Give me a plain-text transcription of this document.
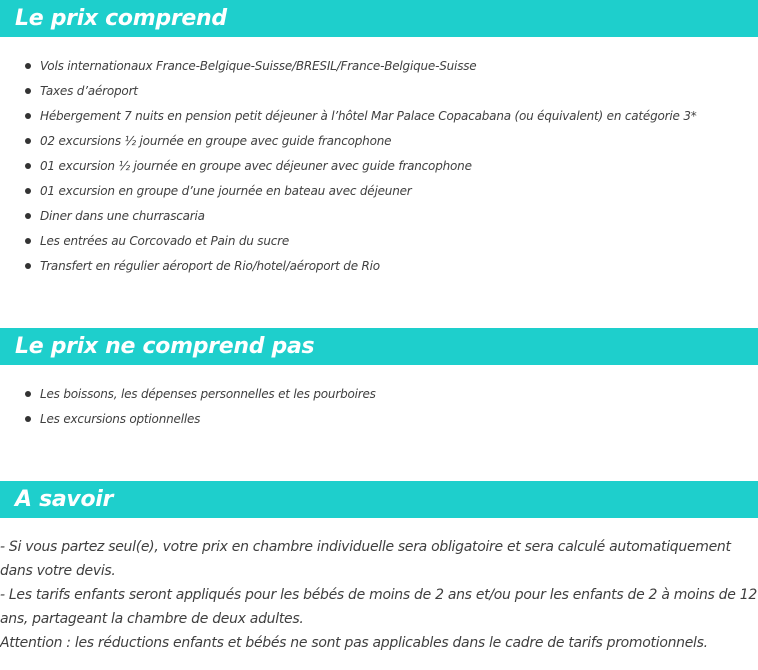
Le prix comprend
Vols internationaux France-Belgique-Suisse/BRESIL/France-Belgique-Suisse
Taxes d’aéroport
Hébergement 7 nuits en pension petit déjeuner à l’hôtel Mar Palace Copacabana (ou équivalent) en catégorie 3*
02 excursions ½ journée en groupe avec guide francophone
01 excursion ½ journée en groupe avec déjeuner avec guide francophone
01 excursion en groupe d’une journée en bateau avec déjeuner
Diner dans une churrascaria
Les entrées au Corcovado et Pain du sucre
Transfert en régulier aéroport de Rio/hotel/aéroport de Rio
Le prix ne comprend pas
Les boissons, les dépenses personnelles et les pourboires
Les excursions optionnelles
A savoir

- Si vous partez seul(e), votre prix en chambre individuelle sera obligatoire et sera calculé automatiquement dans votre devis.

- Les tarifs enfants seront appliqués pour les bébés de moins de 2 ans et/ou pour les enfants de 2 à moins de 12 ans, partageant la chambre de deux adultes.

Attention : les réductions enfants et bébés ne sont pas applicables dans le cadre de tarifs promotionnels.
